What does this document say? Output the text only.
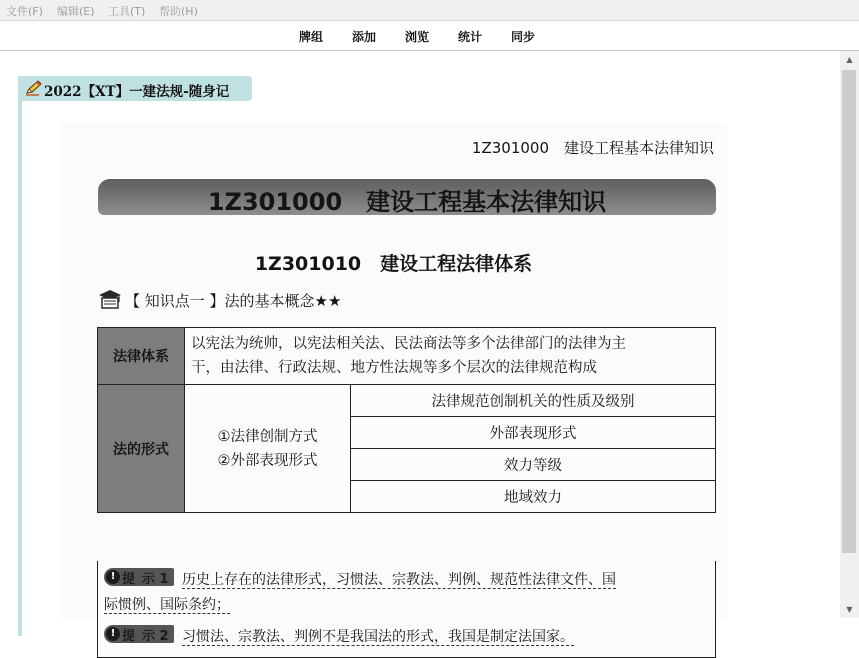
文件(F) 编辑(E) 工具(T) 帮助(H)
牌组 添加 浏览 统计 同步
2022【XT】一建法规-随身记
1Z301000　建设工程基本法律知识
1Z301000　建设工程基本法律知识
1Z301010　建设工程法律体系
【 知识点一 】法的基本概念★★
法律体系	以宪法为统帅，以宪法相关法、民法商法等多个法律部门的法律为主
干，由法律、行政法规、地方性法规等多个层次的法律规范构成	

法的形式	①法律创制方式
②外部表现形式	法律规范创制机关的性质及级别
		外部表现形式
		效力等级
		地域效力
! 提 示 1 历史上存在的法律形式，习惯法、宗教法、判例、规范性法律文件、国
际惯例、国际条约；
! 提 示 2 习惯法、宗教法、判例不是我国法的形式，我国是制定法国家。
▲
▼
